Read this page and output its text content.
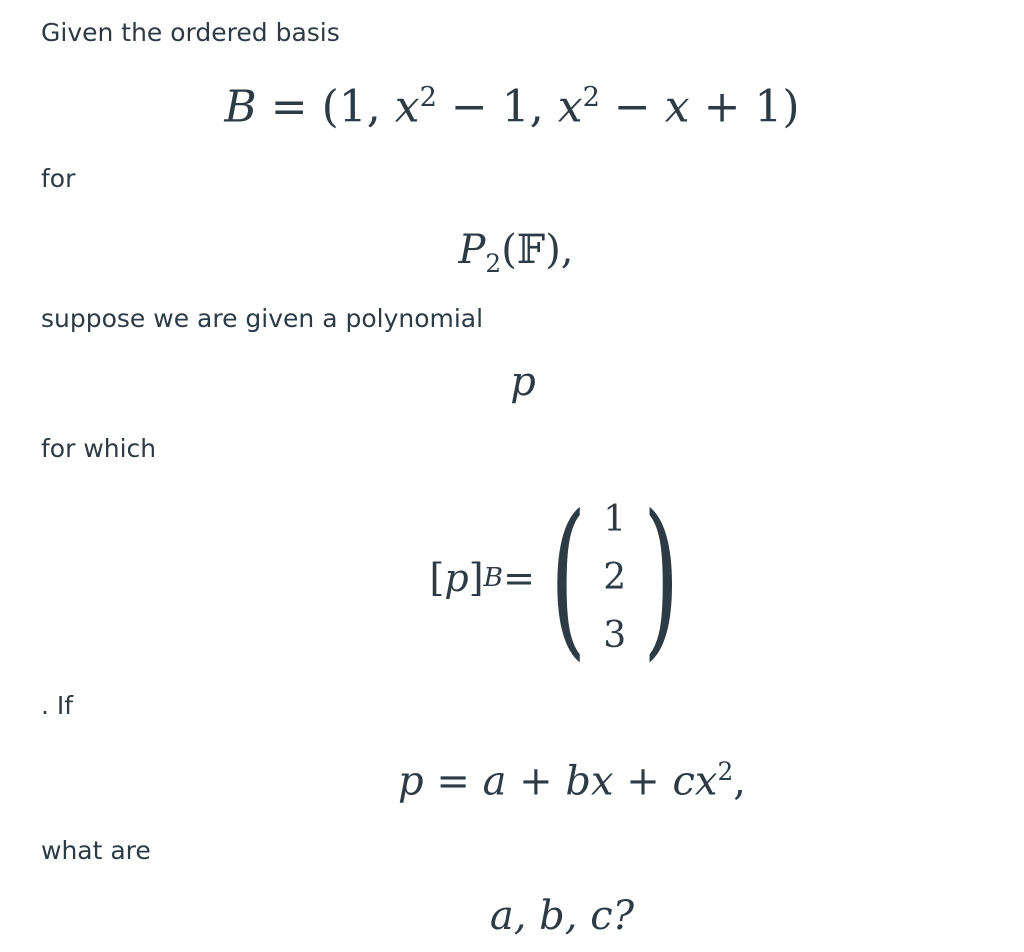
Given the ordered basis
B = (1, $x^2 - 1$, $x^2 - x + 1$)
for
$P_2(𝔽)$,
suppose we are given a polynomial
p
for which
[ p ] B = ( 1
2
3 )
. If
p = a + bx + $cx^2$,
what are
a, b, c?
